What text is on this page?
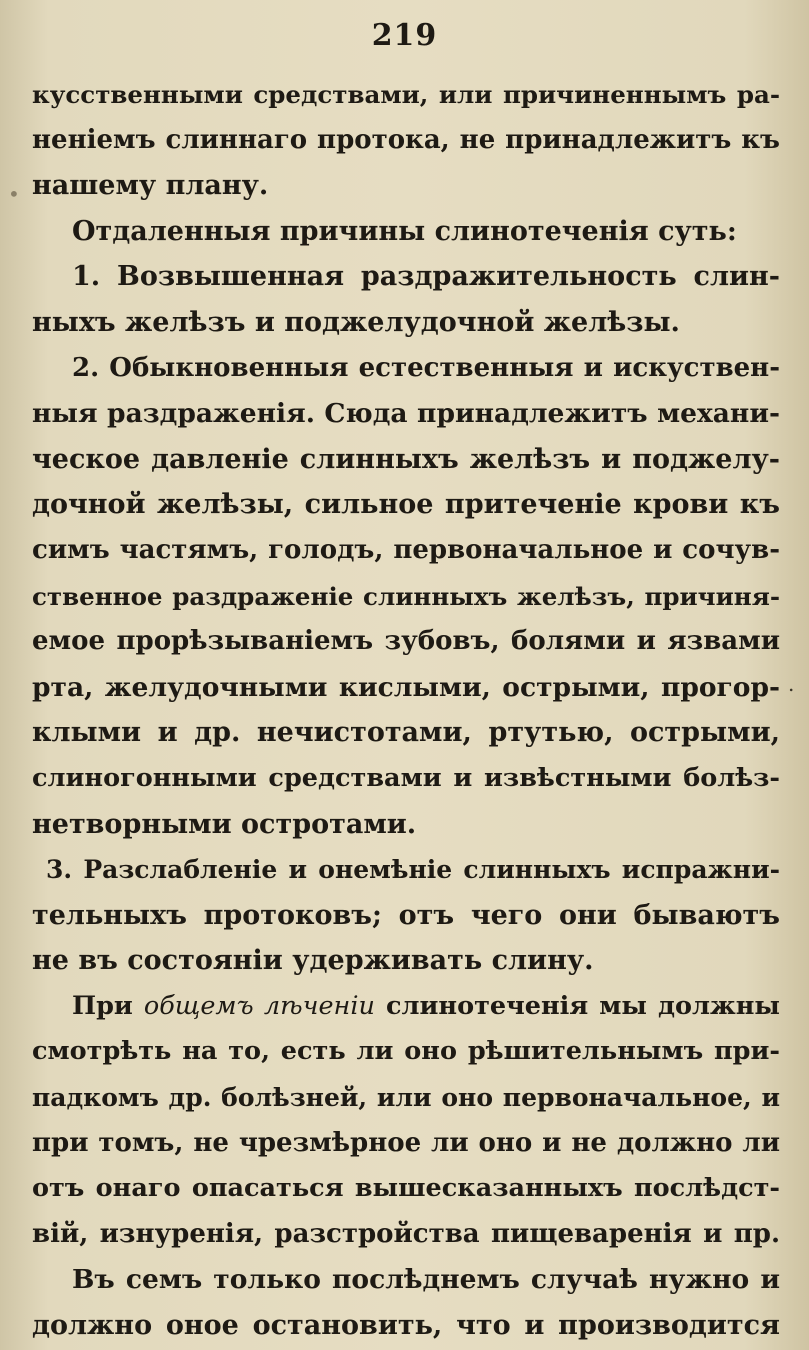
219
•
.
кусственными средствами, или причиненнымъ ра-
ненiемъ слиннаго протока, не принадлежитъ къ
нашему плану.
Отдаленныя причины слинотеченiя суть:
1. Возвышенная раздражительность слин-
ныхъ желѣзъ и поджелудочной желѣзы.
2. Обыкновенныя естественныя и искуствен-
ныя раздраженiя. Сюда принадлежитъ механи-
ческое давленiе слинныхъ желѣзъ и поджелу-
дочной желѣзы, сильное притеченiе крови къ
симъ частямъ, голодъ, первоначальное и сочув-
ственное раздраженiе слинныхъ желѣзъ, причиня-
емое прорѣзыванiемъ зубовъ, болями и язвами
рта, желудочными кислыми, острыми, прогор-
клыми и др. нечистотами, ртутью, острыми,
слиногонными средствами и извѣстными болѣз-
нетворными остротами.
3. Разслабленiе и онемѣнiе слинныхъ испражни-
тельныхъ протоковъ; отъ чего они бываютъ
не въ состоянiи удерживать слину.
При общемъ лѣченiи слинотеченiя мы должны
смотрѣть на то, есть ли оно рѣшительнымъ при-
падкомъ др. болѣзней, или оно первоначальное, и
при томъ, не чрезмѣрное ли оно и не должно ли
отъ онаго опасаться вышесказанныхъ послѣдст-
вiй, изнуренiя, разстройства пищеваренiя и пр.
Въ семъ только послѣднемъ случаѣ нужно и
должно оное остановить, что и производится
